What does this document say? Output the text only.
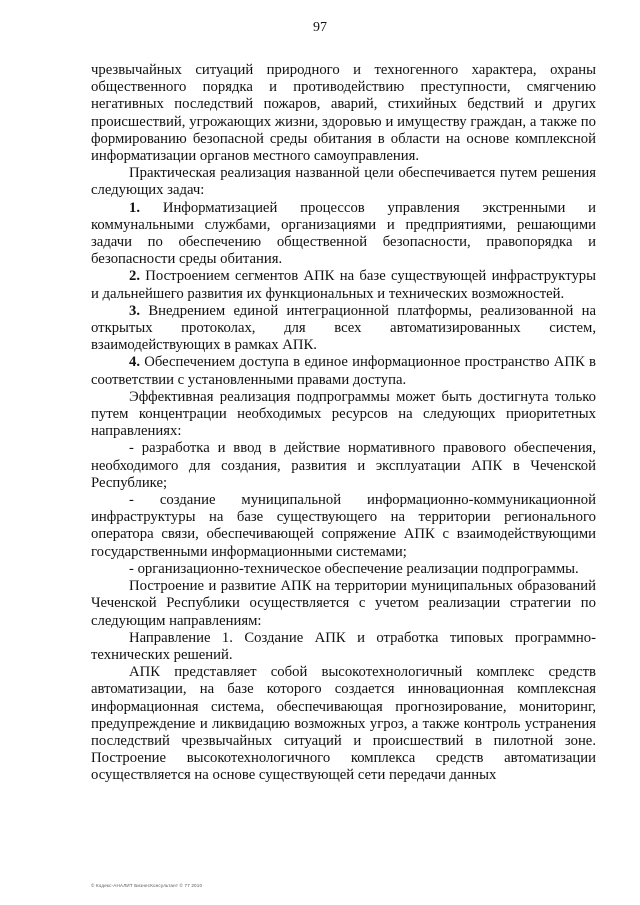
97

чрезвычайных ситуаций природного и техногенного характера, охраны общественного порядка и противодействию преступности, смягчению негативных последствий пожаров, аварий, стихийных бедствий и других происшествий, угрожающих жизни, здоровью и имуществу граждан, а также по формированию безопасной среды обитания в области на основе комплексной информатизации органов местного самоуправления.

Практическая реализация названной цели обеспечивается путем решения следующих задач:

1. Информатизацией процессов управления экстренными и коммунальными службами, организациями и предприятиями, решающими задачи по обеспечению общественной безопасности, правопорядка и безопасности среды обитания.

2. Построением сегментов АПК на базе существующей инфраструктуры и дальнейшего развития их функциональных и технических возможностей.

3. Внедрением единой интеграционной платформы, реализованной на открытых протоколах, для всех автоматизированных систем, взаимодействующих в рамках АПК.

4. Обеспечением доступа в единое информационное пространство АПК в соответствии с установленными правами доступа.

Эффективная реализация подпрограммы может быть достигнута только путем концентрации необходимых ресурсов на следующих приоритетных направлениях:

- разработка и ввод в действие нормативного правового обеспечения, необходимого для создания, развития и эксплуатации АПК в Чеченской Республике;

- создание муниципальной информационно-коммуникационной инфраструктуры на базе существующего на территории регионального оператора связи, обеспечивающей сопряжение АПК с взаимодействующими государственными информационными системами;

- организационно-техническое обеспечение реализации подпрограммы.

Построение и развитие АПК на территории муниципальных образований Чеченской Республики осуществляется с учетом реализации стратегии по следующим направлениям:

Направление 1. Создание АПК и отработка типовых программно-технических решений.

АПК представляет собой высокотехнологичный комплекс средств автоматизации, на базе которого создается инновационная комплексная информационная система, обеспечивающая прогнозирование, мониторинг, предупреждение и ликвидацию возможных угроз, а также контроль устранения последствий чрезвычайных ситуаций и происшествий в пилотной зоне. Построение высокотехнологичного комплекса средств автоматизации осуществляется на основе существующей сети передачи данных

© Кодекс-АНАЛИТ БизнесКонсультант © 77 2010
